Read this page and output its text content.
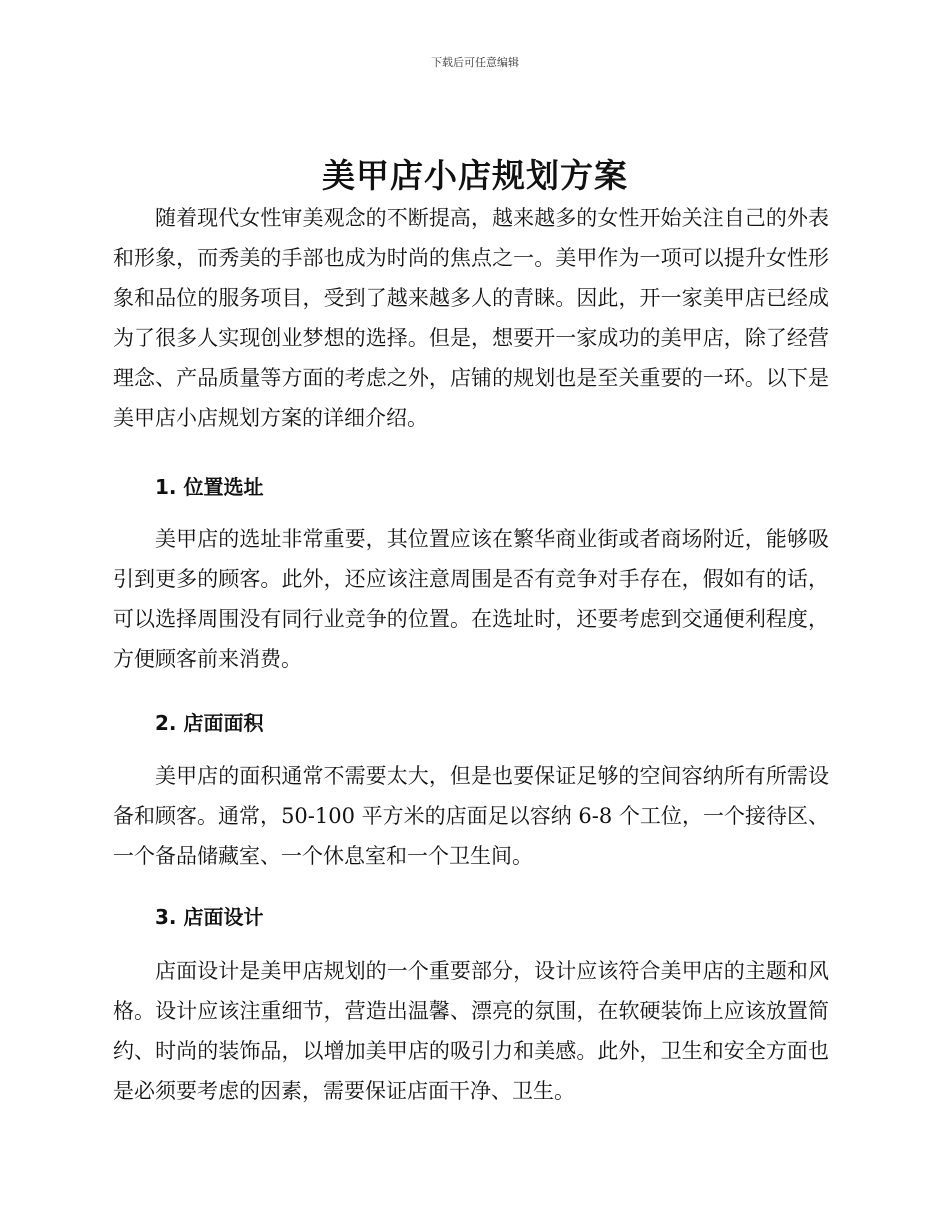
下载后可任意编辑
美甲店小店规划方案

随着现代女性审美观念的不断提高，越来越多的女性开始关注自己的外表和形象，而秀美的手部也成为时尚的焦点之一。美甲作为一项可以提升女性形象和品位的服务项目，受到了越来越多人的青睐。因此，开一家美甲店已经成为了很多人实现创业梦想的选择。但是，想要开一家成功的美甲店，除了经营理念、产品质量等方面的考虑之外，店铺的规划也是至关重要的一环。以下是美甲店小店规划方案的详细介绍。

1. 位置选址

美甲店的选址非常重要，其位置应该在繁华商业街或者商场附近，能够吸引到更多的顾客。此外，还应该注意周围是否有竞争对手存在，假如有的话，可以选择周围没有同行业竞争的位置。在选址时，还要考虑到交通便利程度，方便顾客前来消费。

2. 店面面积

美甲店的面积通常不需要太大，但是也要保证足够的空间容纳所有所需设备和顾客。通常，50-100 平方米的店面足以容纳 6-8 个工位，一个接待区、一个备品储藏室、一个休息室和一个卫生间。

3. 店面设计

店面设计是美甲店规划的一个重要部分，设计应该符合美甲店的主题和风格。设计应该注重细节，营造出温馨、漂亮的氛围，在软硬装饰上应该放置简约、时尚的装饰品，以增加美甲店的吸引力和美感。此外，卫生和安全方面也是必须要考虑的因素，需要保证店面干净、卫生。
